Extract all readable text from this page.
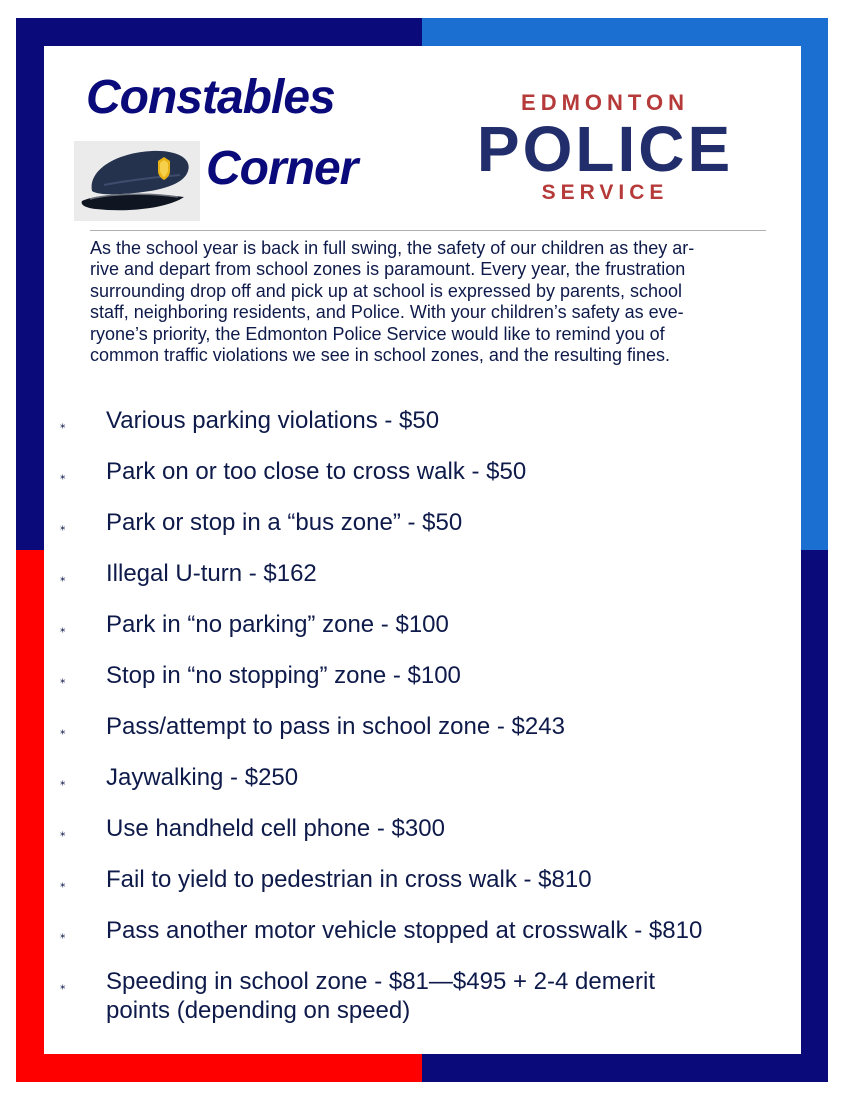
Constables
Corner
EDMONTON
POLICE
SERVICE
As the school year is back in full swing, the safety of our children as they ar-
rive and depart from school zones is paramount. Every year, the frustration
surrounding drop off and pick up at school is expressed by parents, school
staff, neighboring residents, and Police. With your children’s safety as eve-
ryone’s priority, the Edmonton Police Service would like to remind you of
common traffic violations we see in school zones, and the resulting fines.
⁎ Various parking violations - $50
⁎ Park on or too close to cross walk - $50
⁎ Park or stop in a “bus zone” - $50
⁎ Illegal U-turn - $162
⁎ Park in “no parking” zone - $100
⁎ Stop in “no stopping” zone - $100
⁎ Pass/attempt to pass in school zone - $243
⁎ Jaywalking - $250
⁎ Use handheld cell phone - $300
⁎ Fail to yield to pedestrian in cross walk - $810
⁎ Pass another motor vehicle stopped at crosswalk - $810
⁎ Speeding in school zone - $81—$495 + 2-4 demerit
points (depending on speed)
